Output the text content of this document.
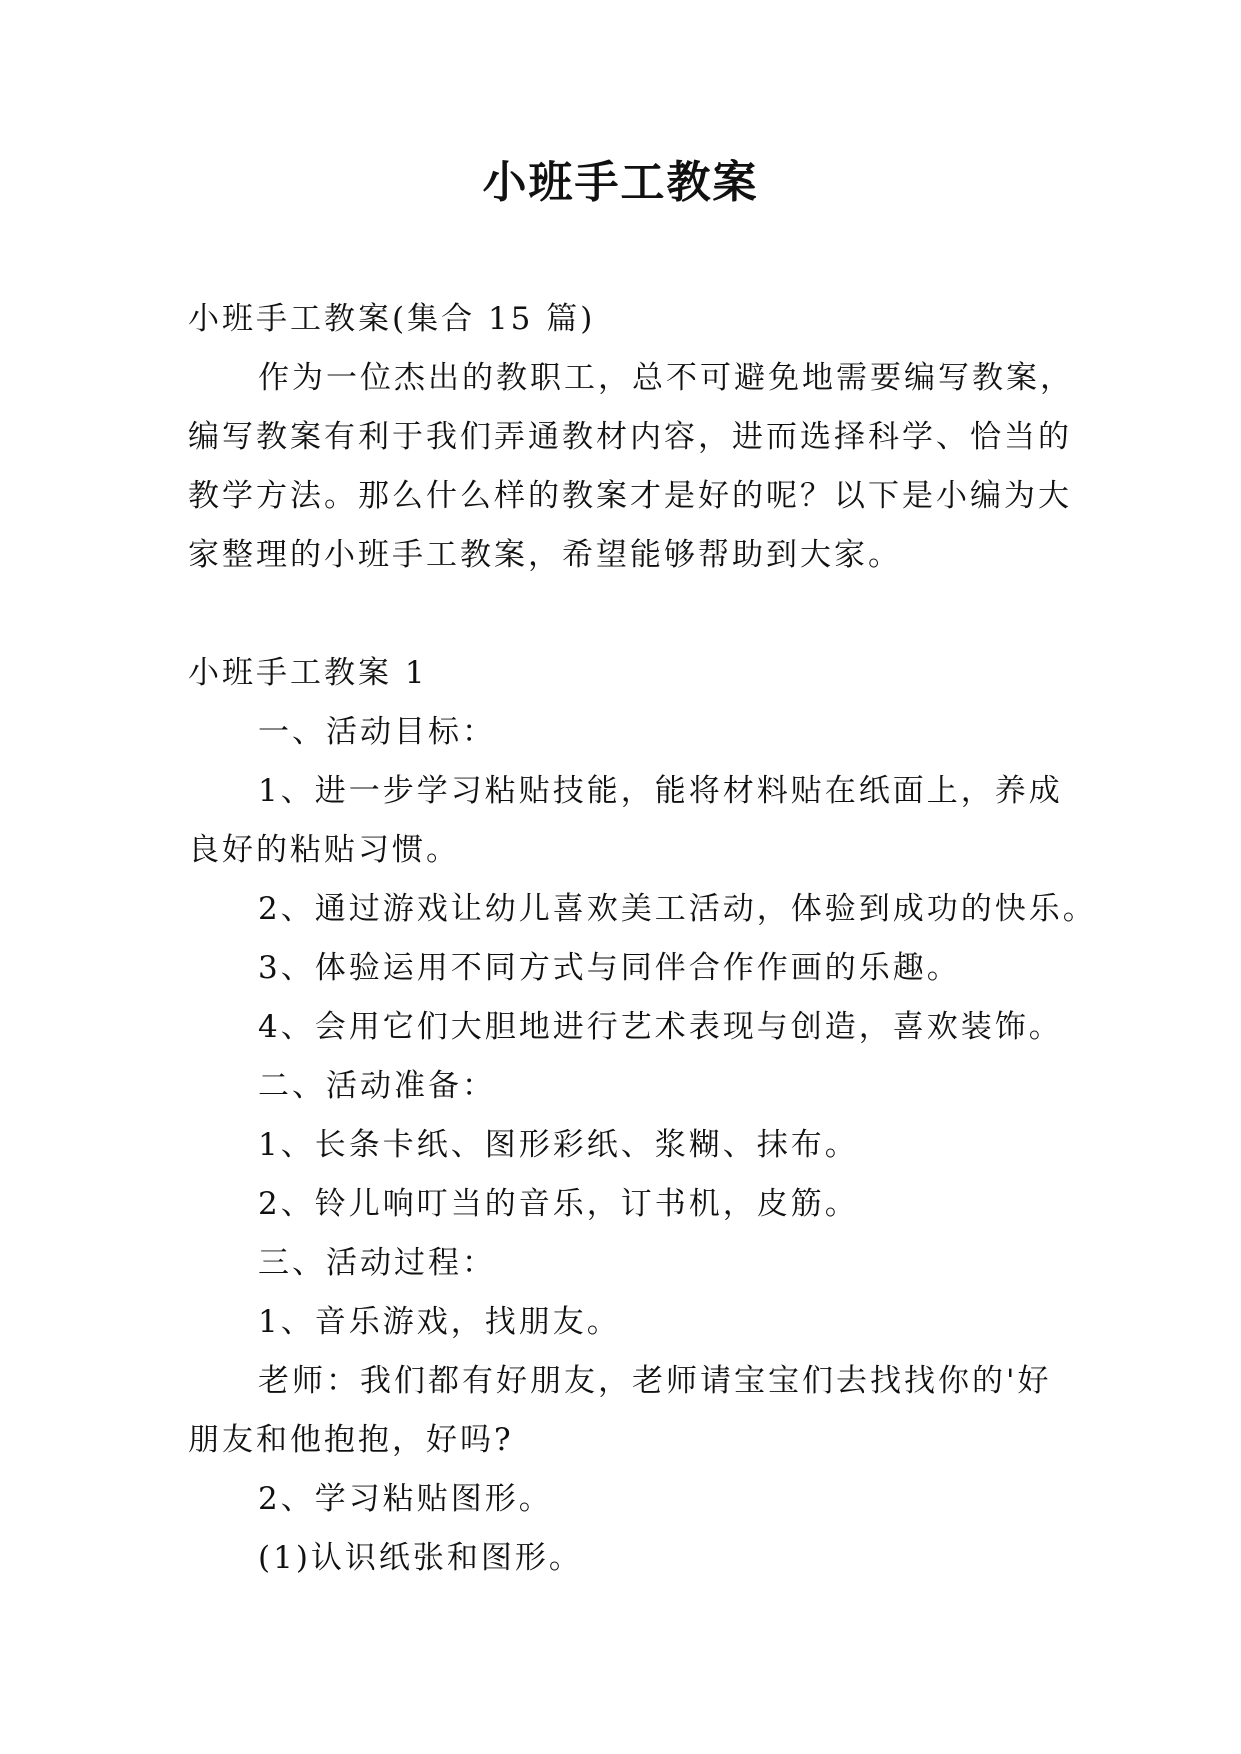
小班手工教案
小班手工教案(集合 15 篇)
作为一位杰出的教职工，总不可避免地需要编写教案，
编写教案有利于我们弄通教材内容，进而选择科学、恰当的
教学方法。那么什么样的教案才是好的呢？以下是小编为大
家整理的小班手工教案，希望能够帮助到大家。
小班手工教案 1
一、活动目标：
1、进一步学习粘贴技能，能将材料贴在纸面上，养成
良好的粘贴习惯。
2、通过游戏让幼儿喜欢美工活动，体验到成功的快乐。
3、体验运用不同方式与同伴合作作画的乐趣。
4、会用它们大胆地进行艺术表现与创造，喜欢装饰。
二、活动准备：
1、长条卡纸、图形彩纸、浆糊、抹布。
2、铃儿响叮当的音乐，订书机，皮筋。
三、活动过程：
1、音乐游戏，找朋友。
老师：我们都有好朋友，老师请宝宝们去找找你的'好
朋友和他抱抱，好吗?
2、学习粘贴图形。
(1)认识纸张和图形。
